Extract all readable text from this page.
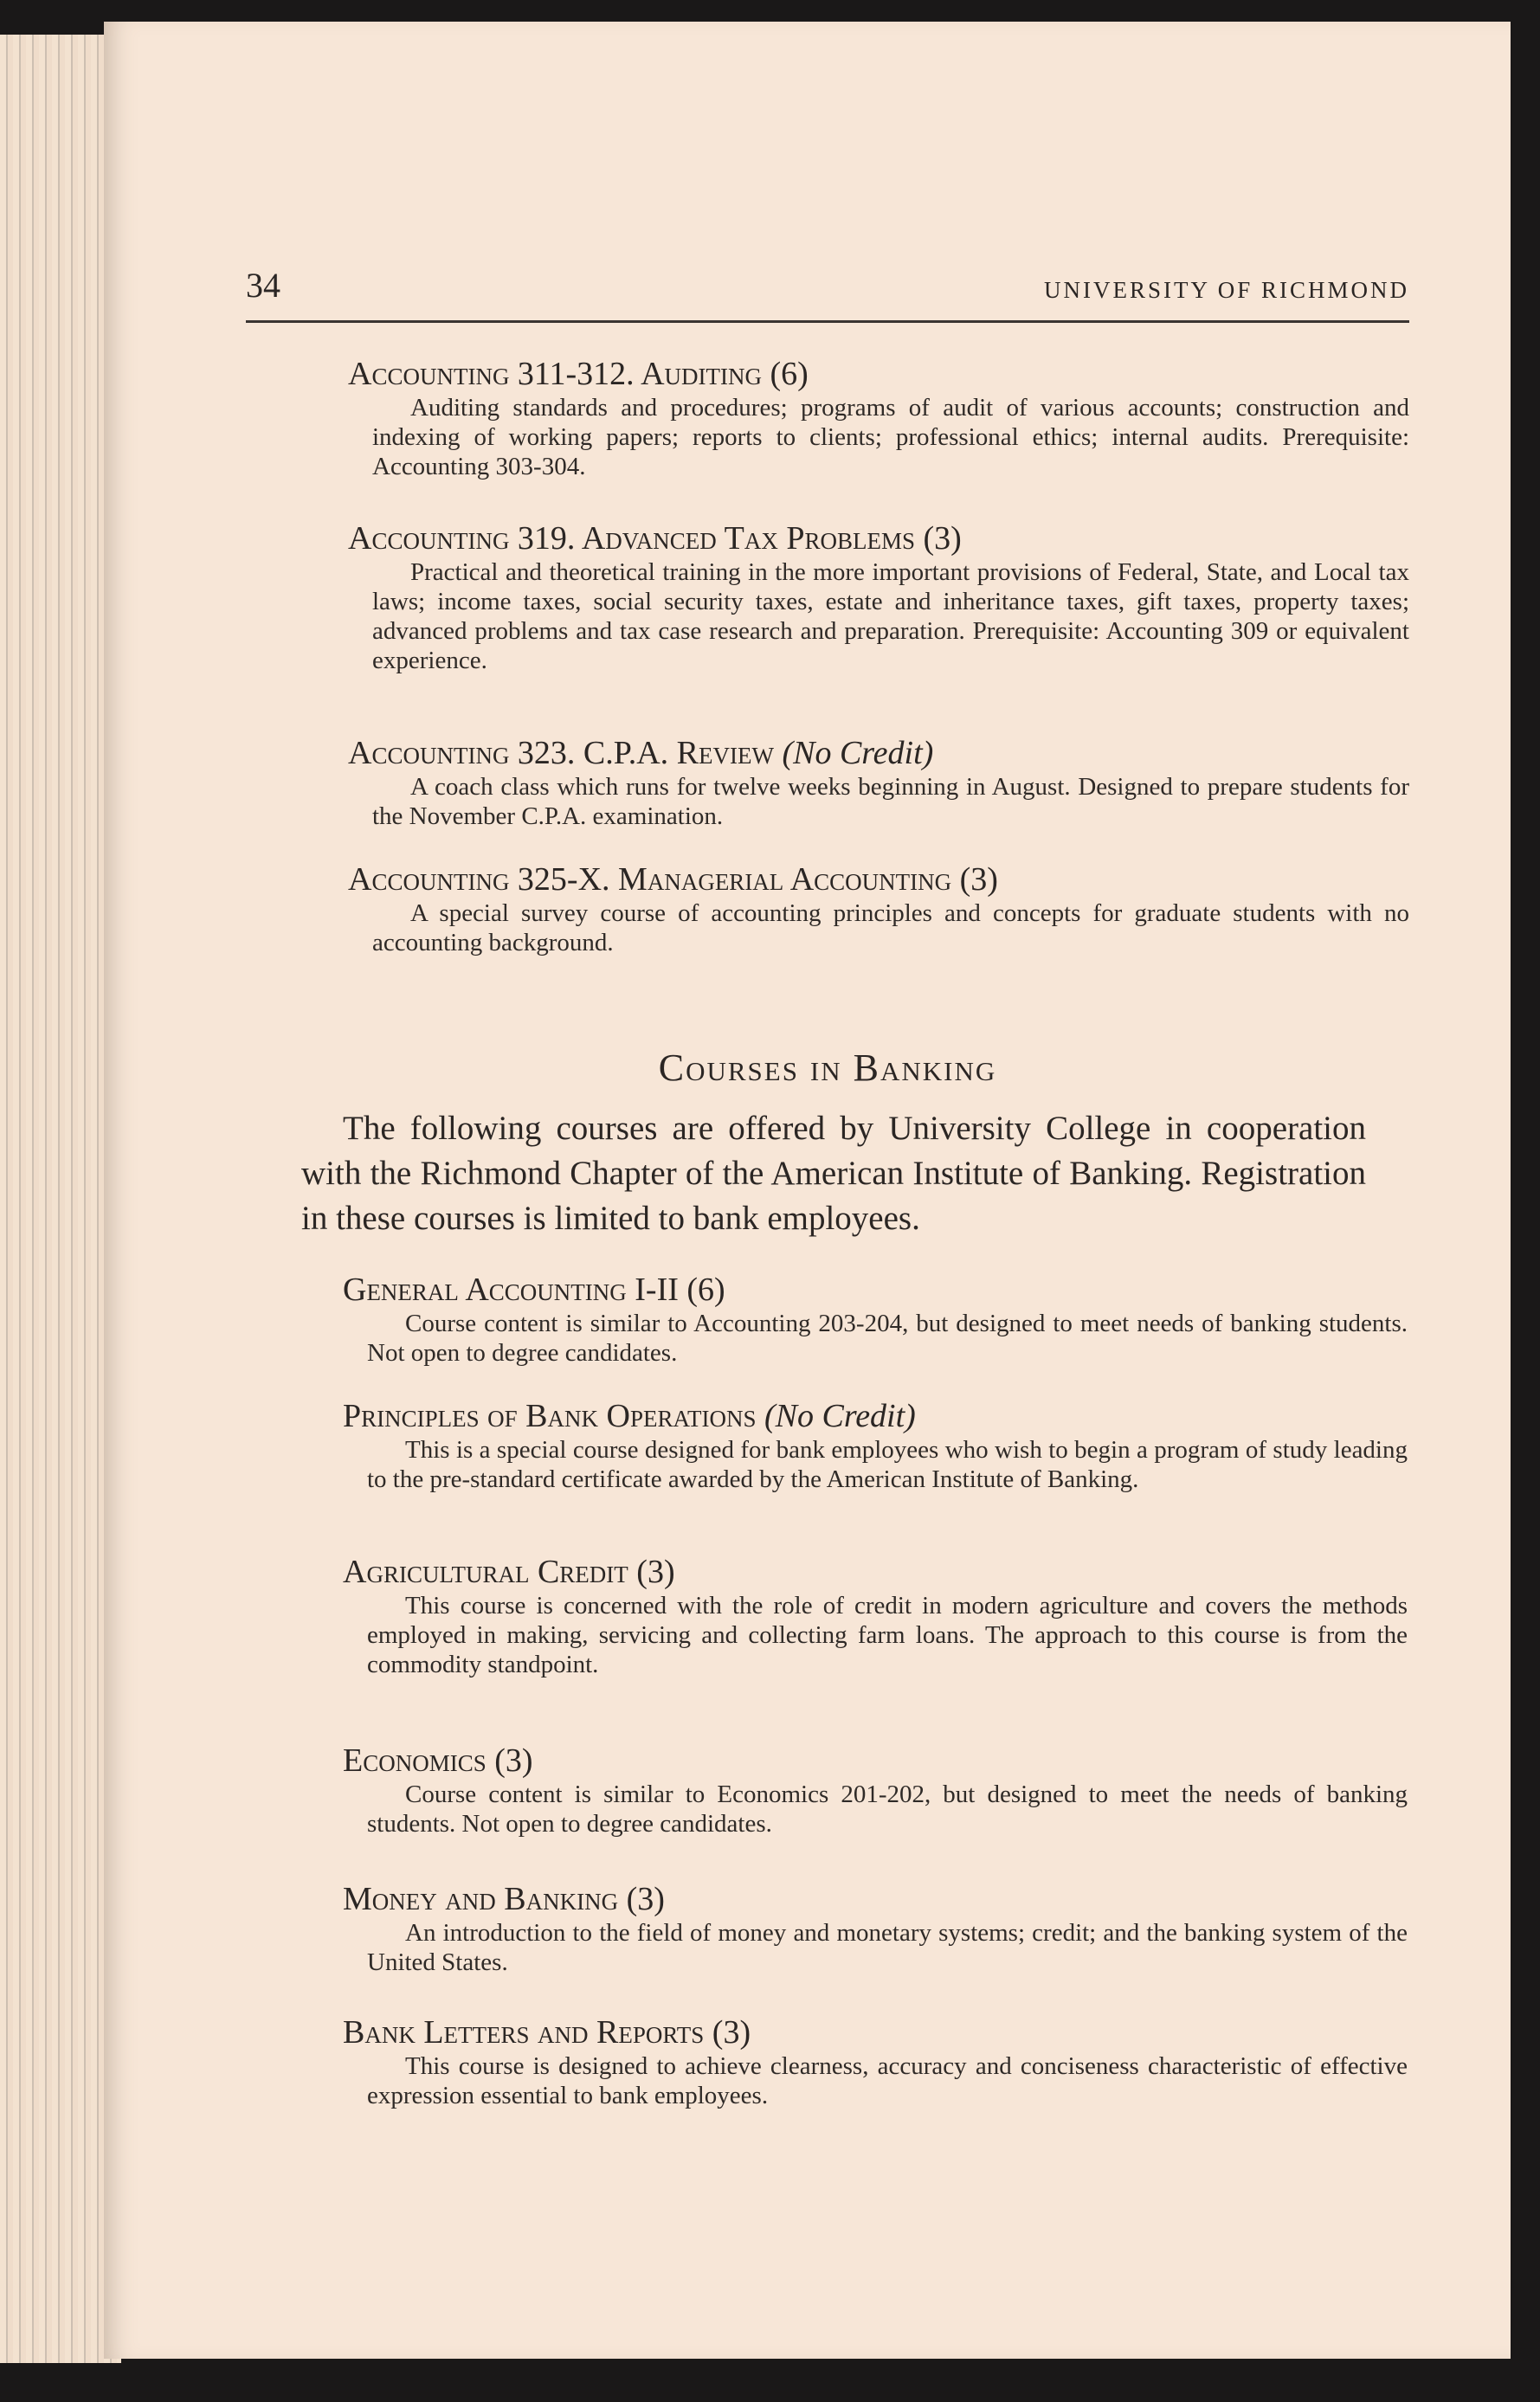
34	UNIVERSITY OF RICHMOND
Accounting 311-312. Auditing (6)
Auditing standards and procedures; programs of audit of various accounts; construction and indexing of working papers; reports to clients; professional ethics; internal audits. Prerequisite: Accounting 303-304.
Accounting 319. Advanced Tax Problems (3)
Practical and theoretical training in the more important provisions of Federal, State, and Local tax laws; income taxes, social security taxes, estate and inheritance taxes, gift taxes, property taxes; advanced problems and tax case research and preparation. Prerequisite: Accounting 309 or equivalent experience.
Accounting 323. C.P.A. Review (No Credit)
A coach class which runs for twelve weeks beginning in August. Designed to prepare students for the November C.P.A. examination.
Accounting 325-X. Managerial Accounting (3)
A special survey course of accounting principles and concepts for graduate students with no accounting background.
Courses in Banking
The following courses are offered by University College in cooperation with the Richmond Chapter of the American Institute of Banking. Registration in these courses is limited to bank employees.
General Accounting I-II (6)
Course content is similar to Accounting 203-204, but designed to meet needs of banking students. Not open to degree candidates.
Principles of Bank Operations (No Credit)
This is a special course designed for bank employees who wish to begin a program of study leading to the pre-standard certificate awarded by the American Institute of Banking.
Agricultural Credit (3)
This course is concerned with the role of credit in modern agriculture and covers the methods employed in making, servicing and collecting farm loans. The approach to this course is from the commodity standpoint.
Economics (3)
Course content is similar to Economics 201-202, but designed to meet the needs of banking students. Not open to degree candidates.
Money and Banking (3)
An introduction to the field of money and monetary systems; credit; and the banking system of the United States.
Bank Letters and Reports (3)
This course is designed to achieve clearness, accuracy and conciseness characteristic of effective expression essential to bank employees.
